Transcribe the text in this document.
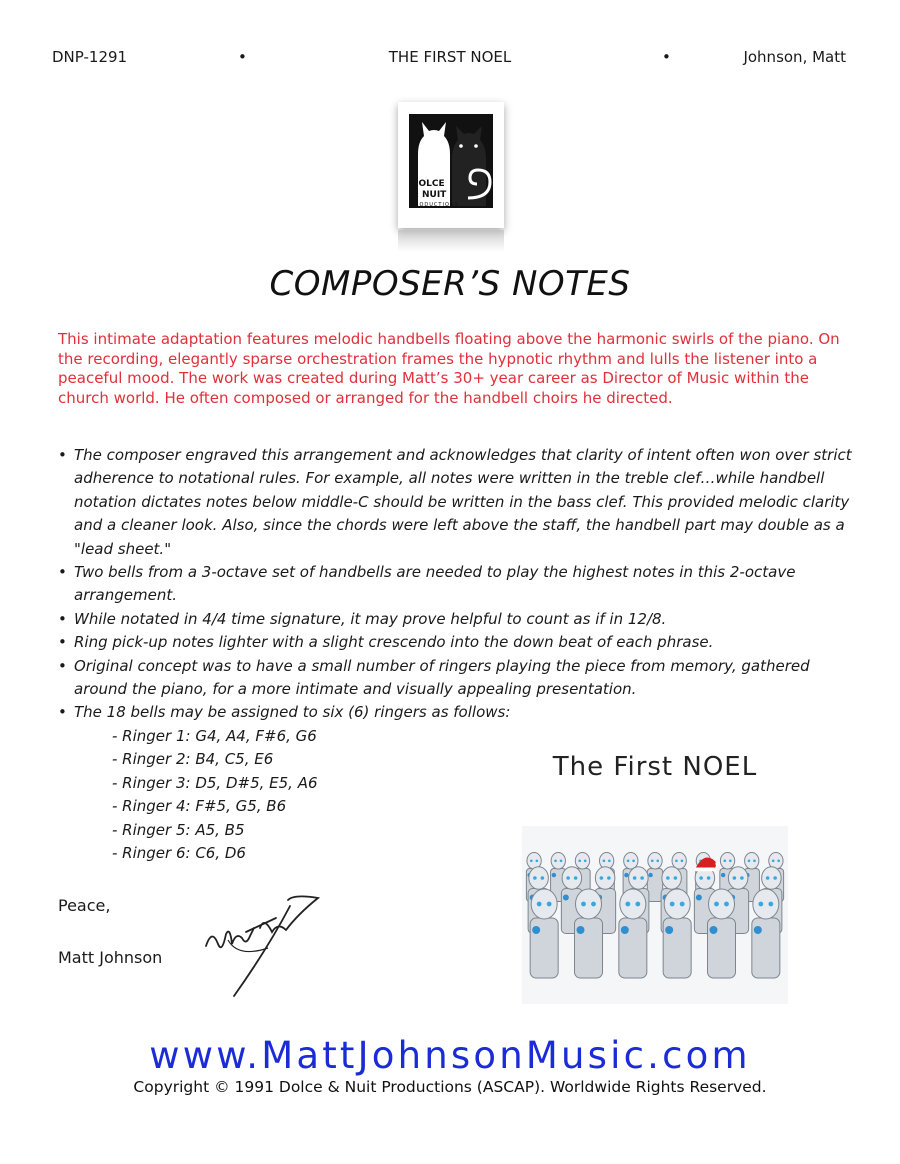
DNP-1291	•	THE FIRST NOEL	•	Johnson, Matt
DOLCE
& NUIT
PRODUCTIONS
COMPOSER’S NOTES
This intimate adaptation features melodic handbells floating above the harmonic swirls of the piano. On the recording, elegantly sparse orchestration frames the hypnotic rhythm and lulls the listener into a peaceful mood. The work was created during Matt’s 30+ year career as Director of Music within the church world. He often composed or arranged for the handbell choirs he directed.
• The composer engraved this arrangement and acknowledges that clarity of intent often won over strict adherence to notational rules. For example, all notes were written in the treble clef…while handbell notation dictates notes below middle-C should be written in the bass clef. This provided melodic clarity and a cleaner look. Also, since the chords were left above the staff, the handbell part may double as a "lead sheet."
• Two bells from a 3-octave set of handbells are needed to play the highest notes in this 2-octave arrangement.
• While notated in 4/4 time signature, it may prove helpful to count as if in 12/8.
• Ring pick-up notes lighter with a slight crescendo into the down beat of each phrase.
• Original concept was to have a small number of ringers playing the piece from memory, gathered around the piano, for a more intimate and visually appealing presentation.
• The 18 bells may be assigned to six (6) ringers as follows:
- Ringer 1: G4, A4, F#6, G6
- Ringer 2: B4, C5, E6
- Ringer 3: D5, D#5, E5, A6
- Ringer 4: F#5, G5, B6
- Ringer 5: A5, B5
- Ringer 6: C6, D6
The First NOEL
Peace,
Matt Johnson
www.MattJohnsonMusic.com
Copyright © 1991 Dolce & Nuit Productions (ASCAP). Worldwide Rights Reserved.
